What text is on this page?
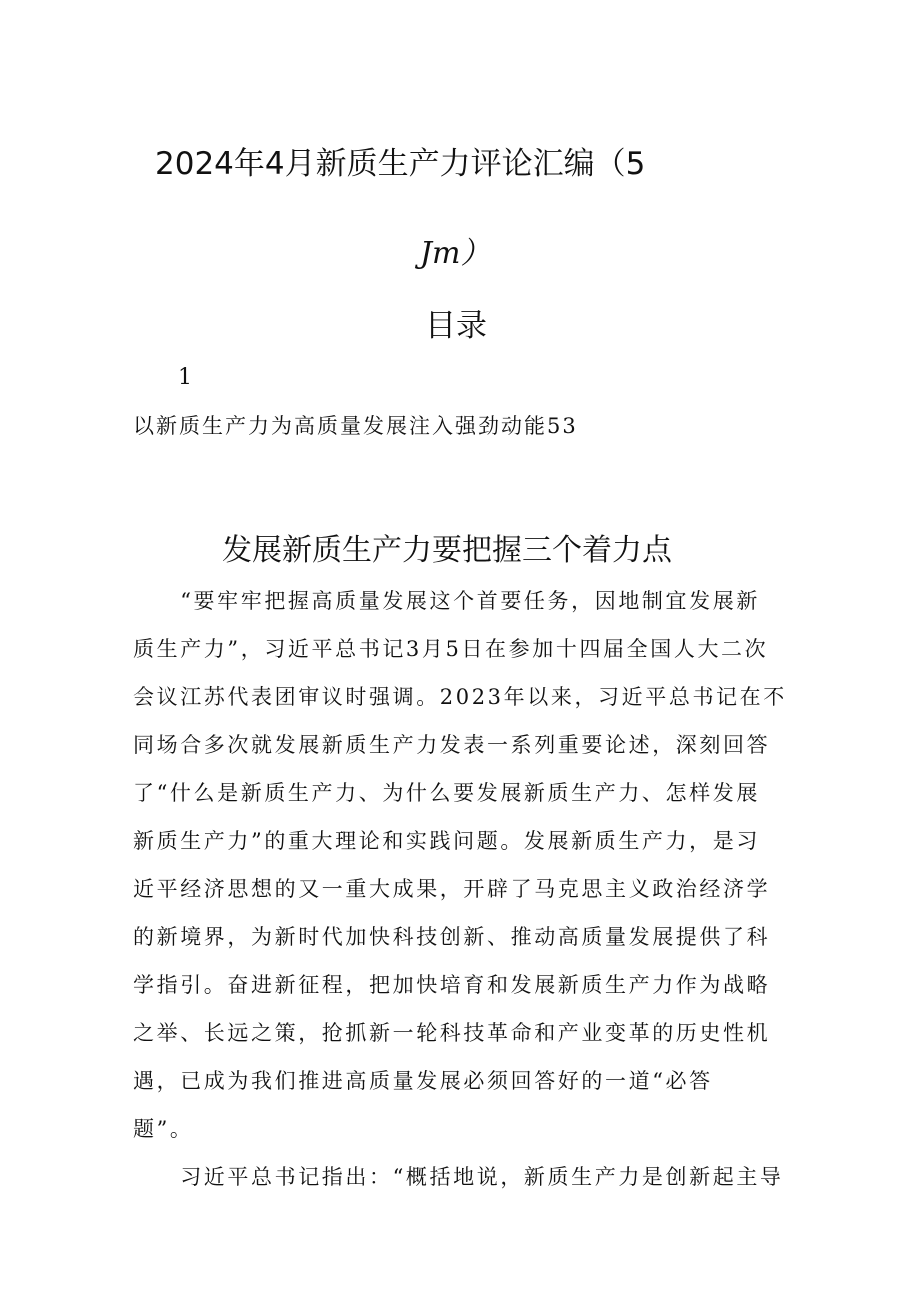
2024年4月新质生产力评论汇编（5

Jm）

目录

1

以新质生产力为高质量发展注入强劲动能53

发展新质生产力要把握三个着力点

　　“要牢牢把握高质量发展这个首要任务，因地制宜发展新

质生产力”，习近平总书记3月5日在参加十四届全国人大二次

会议江苏代表团审议时强调。2023年以来，习近平总书记在不

同场合多次就发展新质生产力发表一系列重要论述，深刻回答

了“什么是新质生产力、为什么要发展新质生产力、怎样发展

新质生产力”的重大理论和实践问题。发展新质生产力，是习

近平经济思想的又一重大成果，开辟了马克思主义政治经济学

的新境界，为新时代加快科技创新、推动高质量发展提供了科

学指引。奋进新征程，把加快培育和发展新质生产力作为战略

之举、长远之策，抢抓新一轮科技革命和产业变革的历史性机

遇，已成为我们推进高质量发展必须回答好的一道“必答

题”。

　　习近平总书记指出：“概括地说，新质生产力是创新起主导
